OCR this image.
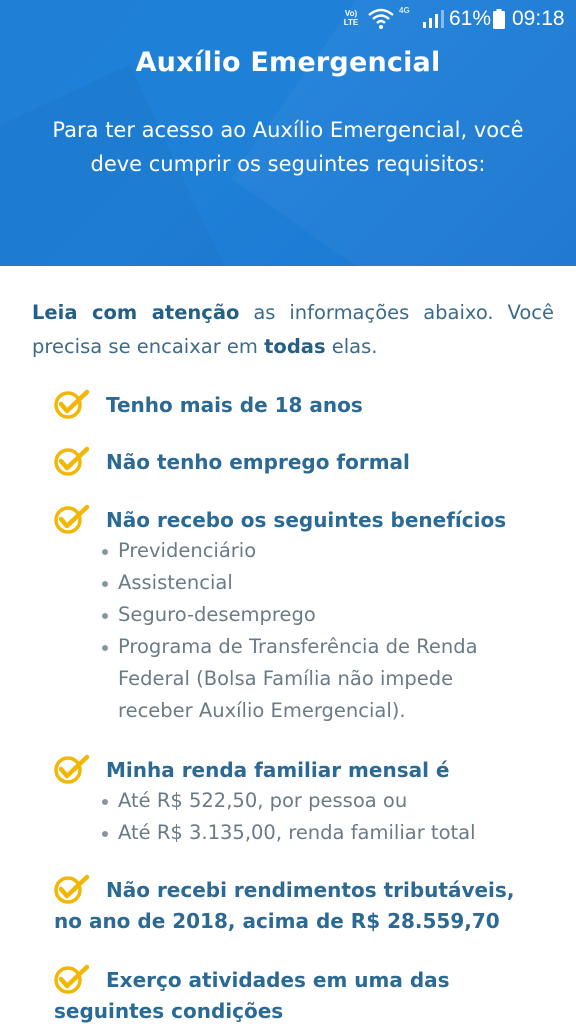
Vo)
LTE
4G 61% 09:18
Auxílio Emergencial
Para ter acesso ao Auxílio Emergencial, você deve cumprir os seguintes requisitos:

Leia com atenção as informações abaixo. Você precisa se encaixar em todas elas.

Tenho mais de 18 anos
Não tenho emprego formal
Não recebo os seguintes benefícios
Previdenciário
Assistencial
Seguro-desemprego
Programa de Transferência de Renda Federal (Bolsa Família não impede receber Auxílio Emergencial).
Minha renda familiar mensal é
Até R$ 522,50, por pessoa ou
Até R$ 3.135,00, renda familiar total
Não recebi rendimentos tributáveis,
no ano de 2018, acima de R$ 28.559,70
Exerço atividades em uma das
seguintes condições
